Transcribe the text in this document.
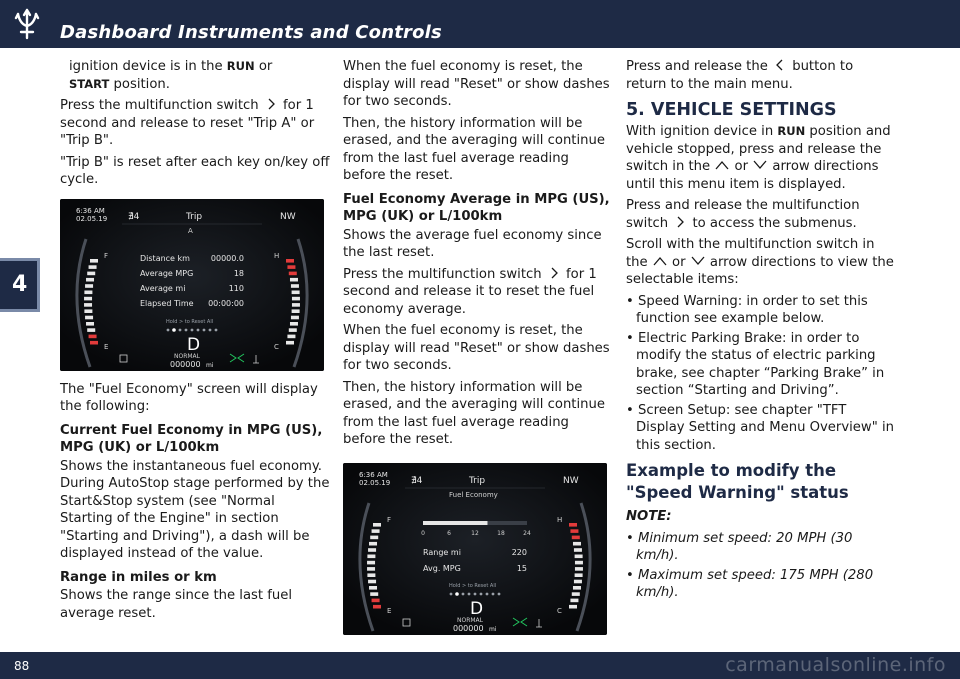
Dashboard Instruments and Controls
4

ignition device is in the RUN or
START position.

Press the multifunction switch  for 1 second and release to reset "Trip A" or "Trip B".

"Trip B" is reset after each key on/key off cycle.

6:36 AM
02.05.19 ∄4	Trip	NW
A
Distance km	00000.0
Average MPG	18
Average mi	110
Elapsed Time 00:00:00
Hold > to Reset All
D
NORMAL
000000 mi
F
E
H
C

The "Fuel Economy" screen will display the following:

Current Fuel Economy in MPG (US), MPG (UK) or L/100km

Shows the instantaneous fuel economy. During AutoStop stage performed by the Start&Stop system (see "Normal Starting of the Engine" in section "Starting and Driving"), a dash will be displayed instead of the value.

Range in miles or km

Shows the range since the last fuel average reset.

When the fuel economy is reset, the display will read "Reset" or show dashes for two seconds.

Then, the history information will be erased, and the averaging will continue from the last fuel average reading before the reset.

Fuel Economy Average in MPG (US), MPG (UK) or L/100km

Shows the average fuel economy since the last reset.

Press the multifunction switch  for 1 second and release it to reset the fuel economy average.

When the fuel economy is reset, the display will read "Reset" or show dashes for two seconds.

Then, the history information will be erased, and the averaging will continue from the last fuel average reading before the reset.

6:36 AM
02.05.19 ∄4	Trip	NW
Fuel Economy
0	6	12	18	24
Range mi	220
Avg. MPG	15
Hold > to Reset All
D
NORMAL
000000 mi
F
E
H
C

Press and release the  button to return to the main menu.

5. VEHICLE SETTINGS

With ignition device in RUN position and vehicle stopped, press and release the switch in the  or  arrow directions until this menu item is displayed.

Press and release the multifunction switch  to access the submenus.

Scroll with the multifunction switch in the  or  arrow directions to view the selectable items:

• Speed Warning: in order to set this function see example below.

• Electric Parking Brake: in order to modify the status of electric parking brake, see chapter “Parking Brake” in section “Starting and Driving”.

• Screen Setup: see chapter "TFT Display Setting and Menu Overview" in this section.

Example to modify the "Speed Warning" status

NOTE:

• Minimum set speed: 20 MPH (30 km/h).

• Maximum set speed: 175 MPH (280 km/h).

88	carmanualsonline.info
